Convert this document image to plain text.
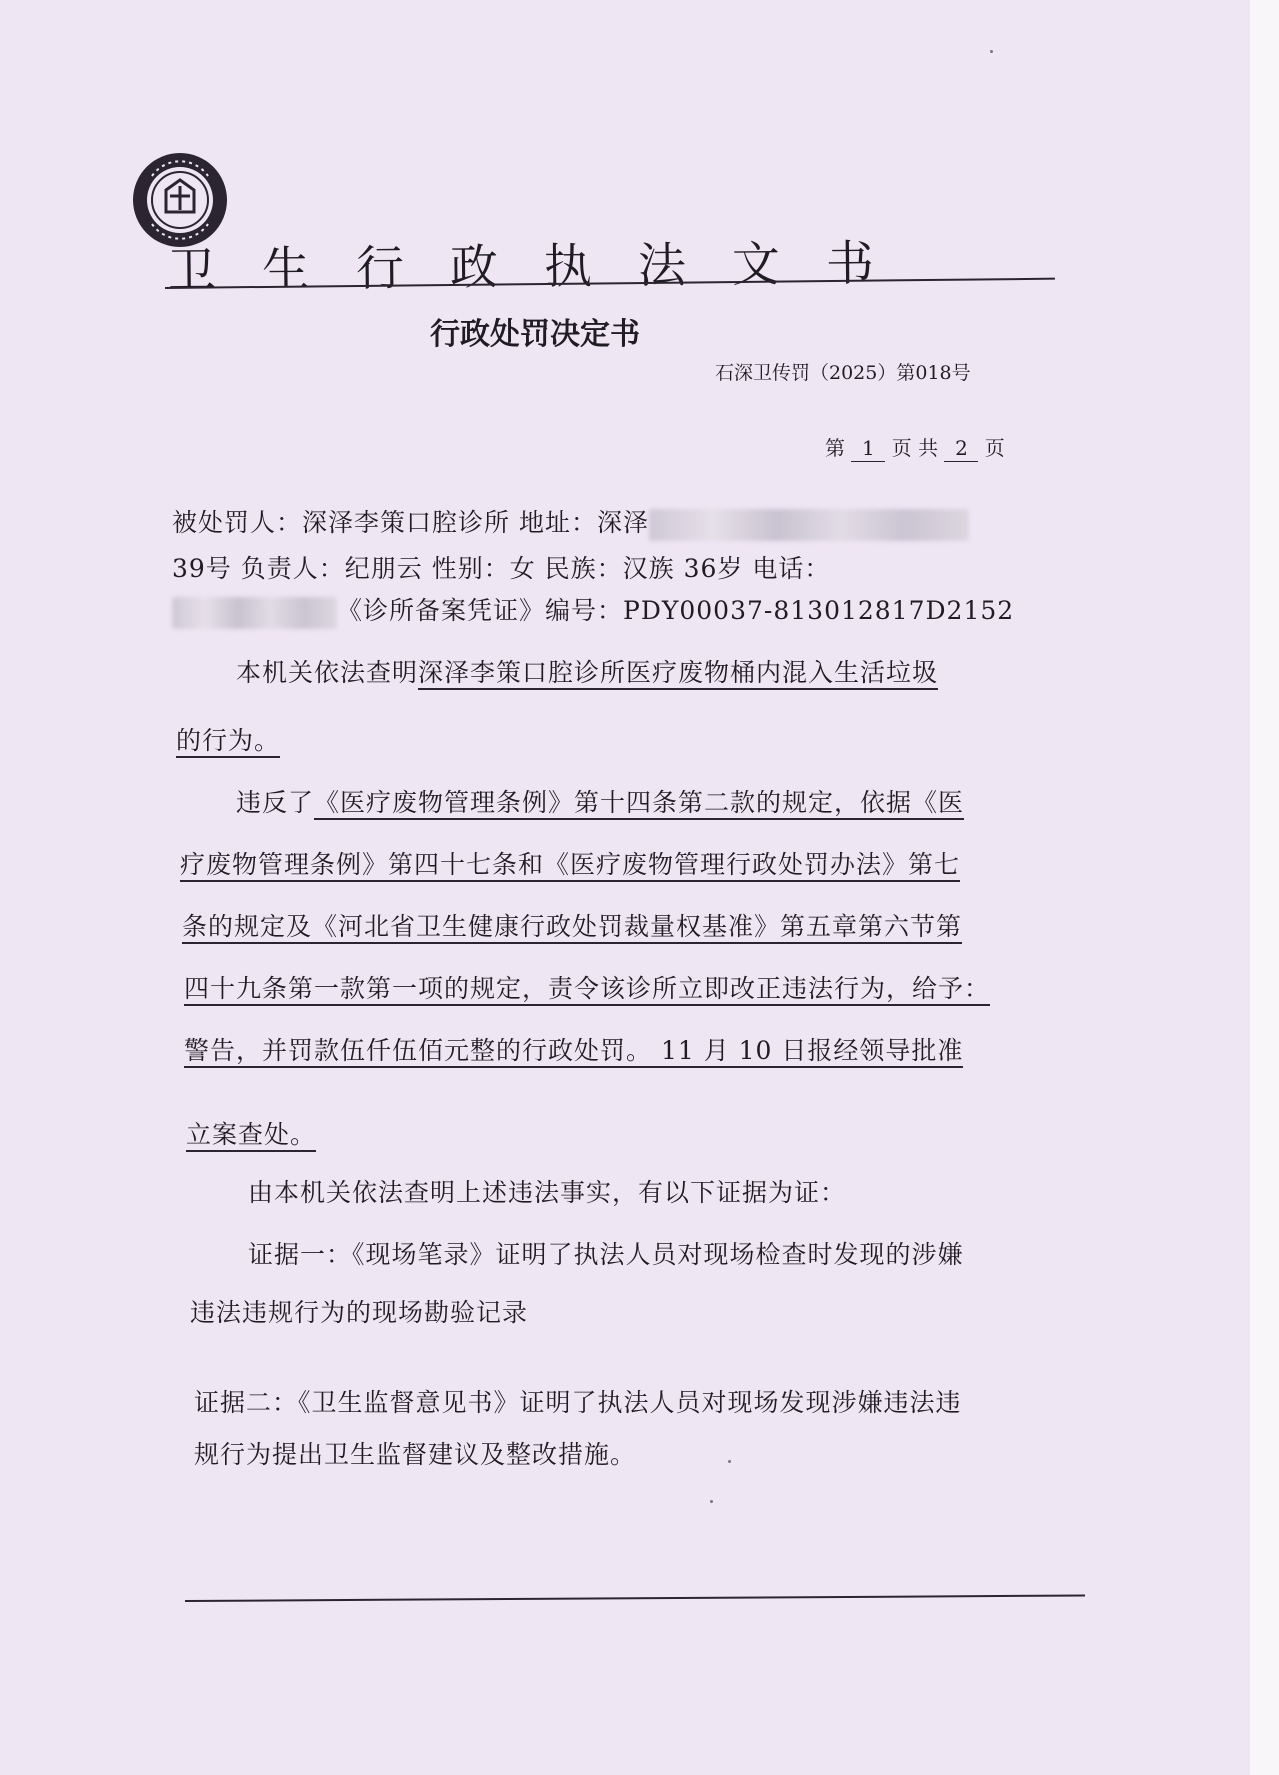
卫生行政执法文书
行政处罚决定书
石深卫传罚（2025）第018号
第 1 页 共 2 页
被处罚人：深泽李策口腔诊所 地址：深泽
39号 负责人：纪朋云 性别：女 民族：汉族 36岁 电话：
《诊所备案凭证》编号：PDY00037-813012817D2152
本机关依法查明深泽李策口腔诊所医疗废物桶内混入生活垃圾
的行为。
违反了《医疗废物管理条例》第十四条第二款的规定，依据《医
疗废物管理条例》第四十七条和《医疗废物管理行政处罚办法》第七
条的规定及《河北省卫生健康行政处罚裁量权基准》第五章第六节第
四十九条第一款第一项的规定，责令该诊所立即改正违法行为，给予：
警告，并罚款伍仟伍佰元整的行政处罚。 11 月 10 日报经领导批准
立案查处。
由本机关依法查明上述违法事实，有以下证据为证：
证据一：《现场笔录》证明了执法人员对现场检查时发现的涉嫌
违法违规行为的现场勘验记录
证据二：《卫生监督意见书》证明了执法人员对现场发现涉嫌违法违
规行为提出卫生监督建议及整改措施。
